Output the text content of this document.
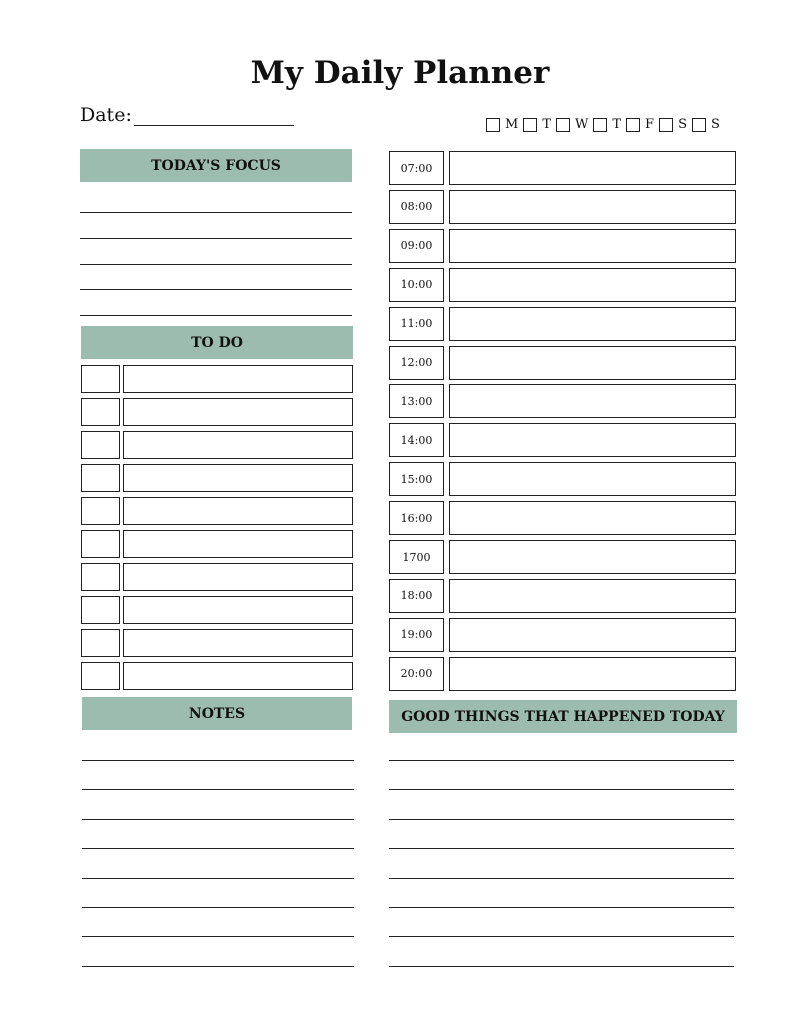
My Daily Planner
Date:	M T W T F S S
TODAY'S FOCUS
TO DO
NOTES
07:00
08:00
09:00
10:00
11:00
12:00
13:00
14:00
15:00
16:00
1700
18:00
19:00
20:00
GOOD THINGS THAT HAPPENED TODAY
